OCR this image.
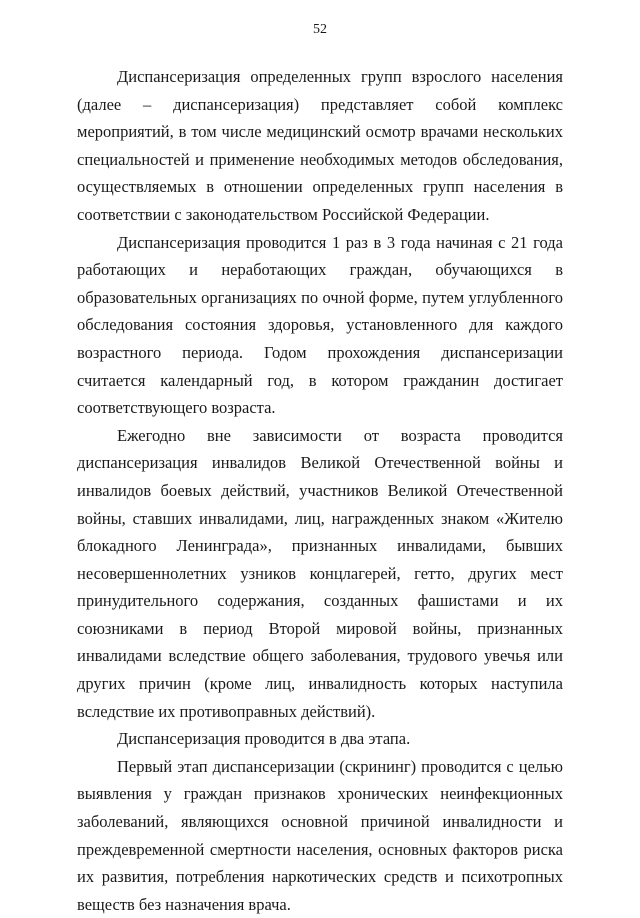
52

Диспансеризация определенных групп взрослого населения (далее – диспансеризация) представляет собой комплекс мероприятий, в том числе медицинский осмотр врачами нескольких специальностей и применение необходимых методов обследования, осуществляемых в отношении определенных групп населения в соответствии с законодательством Российской Федерации.

Диспансеризация проводится 1 раз в 3 года начиная с 21 года работающих и неработающих граждан, обучающихся в образовательных организациях по очной форме, путем углубленного обследования состояния здоровья, установленного для каждого возрастного периода. Годом прохождения диспансеризации считается календарный год, в котором гражданин достигает соответствующего возраста.

Ежегодно вне зависимости от возраста проводится диспансеризация инвалидов Великой Отечественной войны и инвалидов боевых действий, участников Великой Отечественной войны, ставших инвалидами, лиц, награжденных знаком «Жителю блокадного Ленинграда», признанных инвалидами, бывших несовершеннолетних узников концлагерей, гетто, других мест принудительного содержания, созданных фашистами и их союзниками в период Второй мировой войны, признанных инвалидами вследствие общего заболевания, трудового увечья или других причин (кроме лиц, инвалидность которых наступила вследствие их противоправных действий).

Диспансеризация проводится в два этапа.

Первый этап диспансеризации (скрининг) проводится с целью выявления у граждан признаков хронических неинфекционных заболеваний, являющихся основной причиной инвалидности и преждевременной смертности населения, основных факторов риска их развития, потребления наркотических средств и психотропных веществ без назначения врача.
